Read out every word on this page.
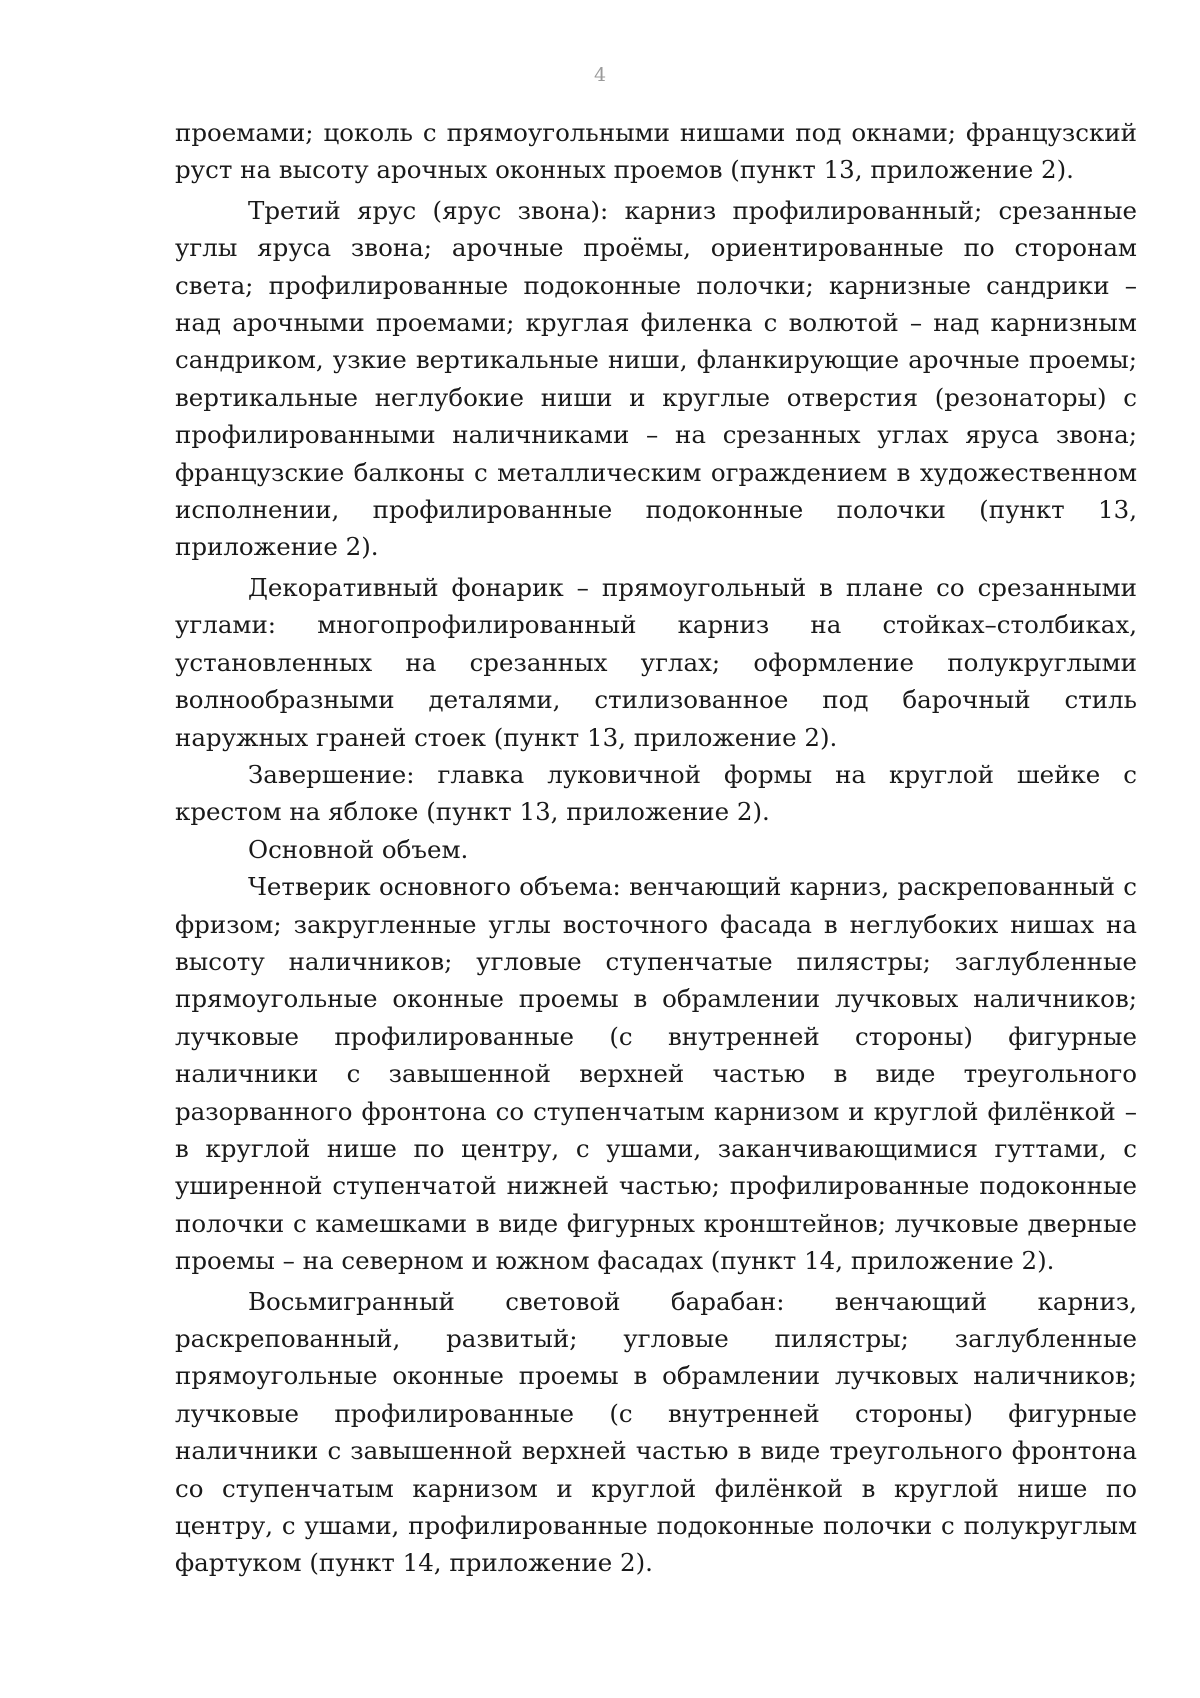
4

проемами; цоколь с прямоугольными нишами под окнами; французский руст на высоту арочных оконных проемов (пункт 13, приложение 2).

Третий ярус (ярус звона): карниз профилированный; срезанные углы яруса звона; арочные проёмы, ориентированные по сторонам света; профилированные подоконные полочки; карнизные сандрики – над арочными проемами; круглая филенка с волютой – над карнизным сандриком, узкие вертикальные ниши, фланкирующие арочные проемы; вертикальные неглубокие ниши и круглые отверстия (резонаторы) с профилированными наличниками – на срезанных углах яруса звона; французские балконы с металлическим ограждением в художественном исполнении, профилированные подоконные полочки (пункт 13, приложение 2).

Декоративный фонарик – прямоугольный в плане со срезанными углами: многопрофилированный карниз на стойках–столбиках, установленных на срезанных углах; оформление полукруглыми волнообразными деталями, стилизованное под барочный стиль наружных граней стоек (пункт 13, приложение 2).

Завершение: главка луковичной формы на круглой шейке с крестом на яблоке (пункт 13, приложение 2).

Основной объем.

Четверик основного объема: венчающий карниз, раскрепованный с фризом; закругленные углы восточного фасада в неглубоких нишах на высоту наличников; угловые ступенчатые пилястры; заглубленные прямоугольные оконные проемы в обрамлении лучковых наличников; лучковые профилированные (с внутренней стороны) фигурные наличники с завышенной верхней частью в виде треугольного разорванного фронтона со ступенчатым карнизом и круглой филёнкой – в круглой нише по центру, с ушами, заканчивающимися гуттами, с уширенной ступенчатой нижней частью; профилированные подоконные полочки с камешками в виде фигурных кронштейнов; лучковые дверные проемы – на северном и южном фасадах (пункт 14, приложение 2).

Восьмигранный световой барабан: венчающий карниз, раскрепованный, развитый; угловые пилястры; заглубленные прямоугольные оконные проемы в обрамлении лучковых наличников; лучковые профилированные (с внутренней стороны) фигурные наличники с завышенной верхней частью в виде треугольного фронтона со ступенчатым карнизом и круглой филёнкой в круглой нише по центру, с ушами, профилированные подоконные полочки с полукруглым фартуком (пункт 14, приложение 2).
